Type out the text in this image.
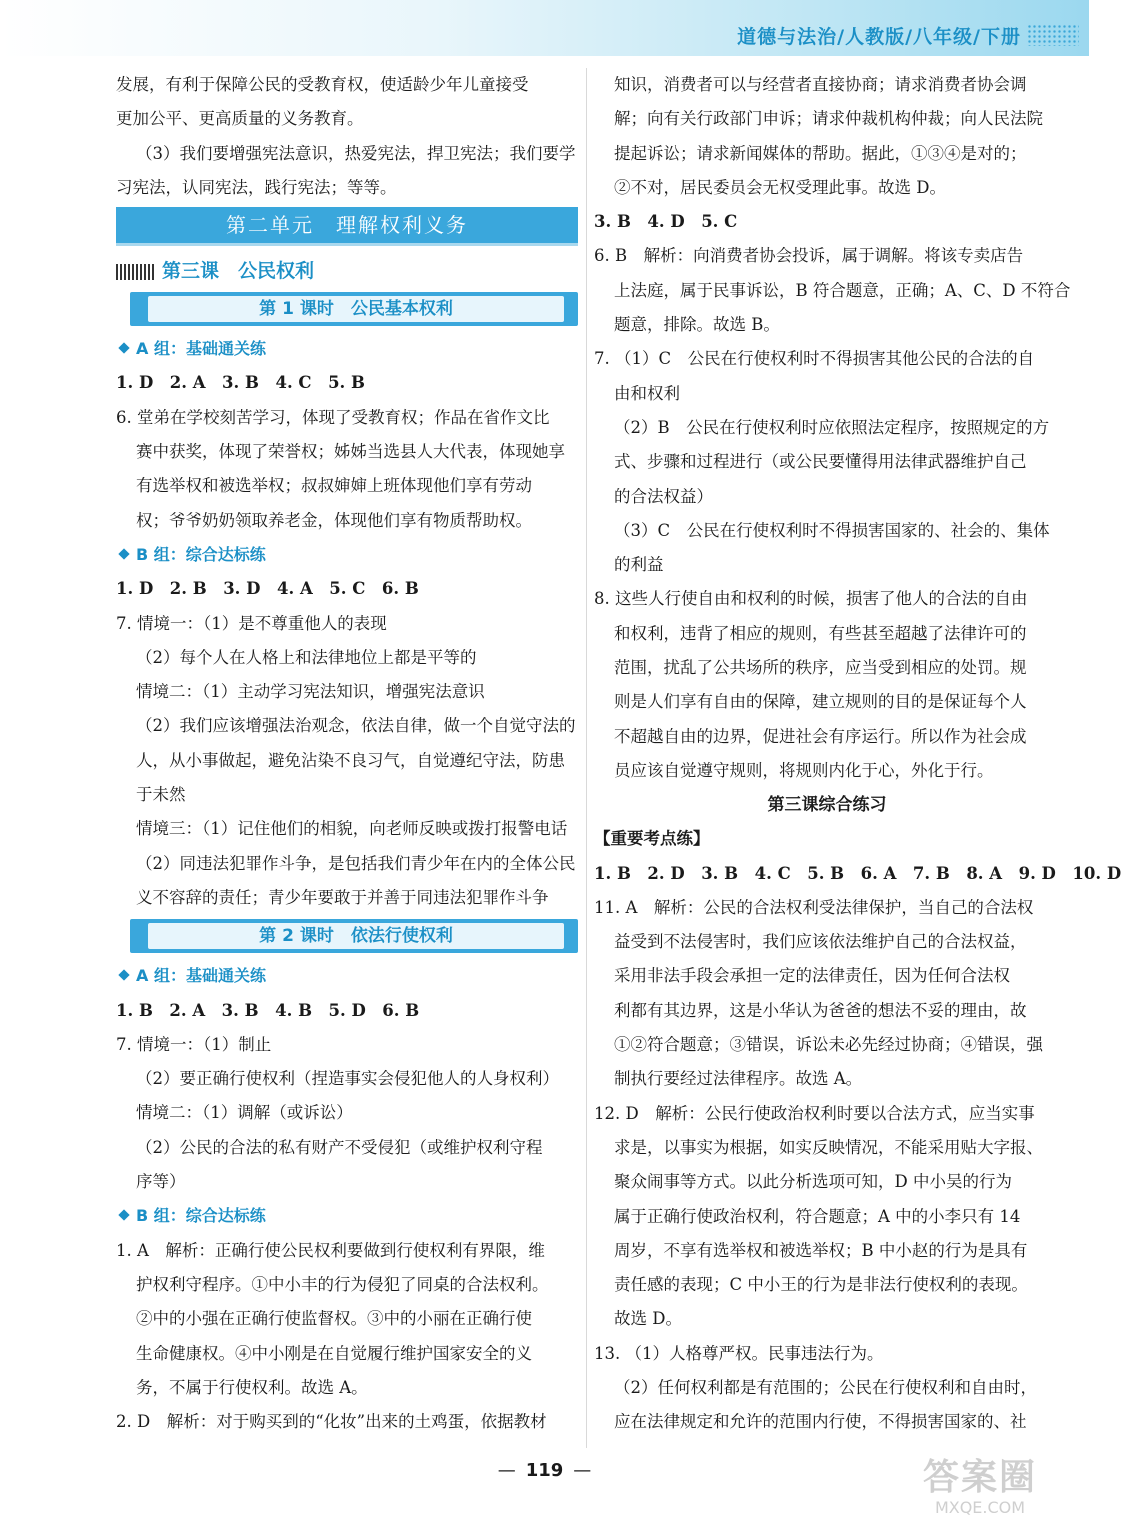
道德与法治/人教版/八年级/下册
发展，有利于保障公民的受教育权，使适龄少年儿童接受
更加公平、更高质量的义务教育。
（3）我们要增强宪法意识，热爱宪法，捍卫宪法；我们要学
习宪法，认同宪法，践行宪法；等等。
第二单元　理解权利义务
第三课　公民权利
第 1 课时　公民基本权利
A 组：基础通关练
1. D　2. A　3. B　4. C　5. B
6. 堂弟在学校刻苦学习，体现了受教育权；作品在省作文比
赛中获奖，体现了荣誉权；姊姊当选县人大代表，体现她享
有选举权和被选举权；叔叔婶婶上班体现他们享有劳动
权；爷爷奶奶领取养老金，体现他们享有物质帮助权。
B 组：综合达标练
1. D　2. B　3. D　4. A　5. C　6. B
7. 情境一：（1）是不尊重他人的表现
（2）每个人在人格上和法律地位上都是平等的
情境二：（1）主动学习宪法知识，增强宪法意识
（2）我们应该增强法治观念，依法自律，做一个自觉守法的
人，从小事做起，避免沾染不良习气，自觉遵纪守法，防患
于未然
情境三：（1）记住他们的相貌，向老师反映或拨打报警电话
（2）同违法犯罪作斗争，是包括我们青少年在内的全体公民
义不容辞的责任；青少年要敢于并善于同违法犯罪作斗争
第 2 课时　依法行使权利
A 组：基础通关练
1. B　2. A　3. B　4. B　5. D　6. B
7. 情境一：（1）制止
（2）要正确行使权利（捏造事实会侵犯他人的人身权利）
情境二：（1）调解（或诉讼）
（2）公民的合法的私有财产不受侵犯（或维护权利守程
序等）
B 组：综合达标练
1. A　解析：正确行使公民权利要做到行使权利有界限，维
护权利守程序。①中小丰的行为侵犯了同桌的合法权利。
②中的小强在正确行使监督权。③中的小丽在正确行使
生命健康权。④中小刚是在自觉履行维护国家安全的义
务，不属于行使权利。故选 A。
2. D　解析：对于购买到的“化妆”出来的土鸡蛋，依据教材
知识，消费者可以与经营者直接协商；请求消费者协会调
解；向有关行政部门申诉；请求仲裁机构仲裁；向人民法院
提起诉讼；请求新闻媒体的帮助。据此，①③④是对的；
②不对，居民委员会无权受理此事。故选 D。
3. B　4. D　5. C
6. B　解析：向消费者协会投诉，属于调解。将该专卖店告
上法庭，属于民事诉讼，B 符合题意，正确；A、C、D 不符合
题意，排除。故选 B。
7. （1）C　公民在行使权利时不得损害其他公民的合法的自
由和权利
（2）B　公民在行使权利时应依照法定程序，按照规定的方
式、步骤和过程进行（或公民要懂得用法律武器维护自己
的合法权益）
（3）C　公民在行使权利时不得损害国家的、社会的、集体
的利益
8. 这些人行使自由和权利的时候，损害了他人的合法的自由
和权利，违背了相应的规则，有些甚至超越了法律许可的
范围，扰乱了公共场所的秩序，应当受到相应的处罚。规
则是人们享有自由的保障，建立规则的目的是保证每个人
不超越自由的边界，促进社会有序运行。所以作为社会成
员应该自觉遵守规则，将规则内化于心，外化于行。
第三课综合练习
【重要考点练】
1. B　2. D　3. B　4. C　5. B　6. A　7. B　8. A　9. D　10. D
11. A　解析：公民的合法权利受法律保护，当自己的合法权
益受到不法侵害时，我们应该依法维护自己的合法权益，
采用非法手段会承担一定的法律责任，因为任何合法权
利都有其边界，这是小华认为爸爸的想法不妥的理由，故
①②符合题意；③错误，诉讼未必先经过协商；④错误，强
制执行要经过法律程序。故选 A。
12. D　解析：公民行使政治权利时要以合法方式，应当实事
求是，以事实为根据，如实反映情况，不能采用贴大字报、
聚众闹事等方式。以此分析选项可知，D 中小吴的行为
属于正确行使政治权利，符合题意；A 中的小李只有 14
周岁，不享有选举权和被选举权；B 中小赵的行为是具有
责任感的表现；C 中小王的行为是非法行使权利的表现。
故选 D。
13. （1）人格尊严权。民事违法行为。
（2）任何权利都是有范围的；公民在行使权利和自由时，
应在法律规定和允许的范围内行使，不得损害国家的、社
— 119 —	答案圈
MXQE.COM
